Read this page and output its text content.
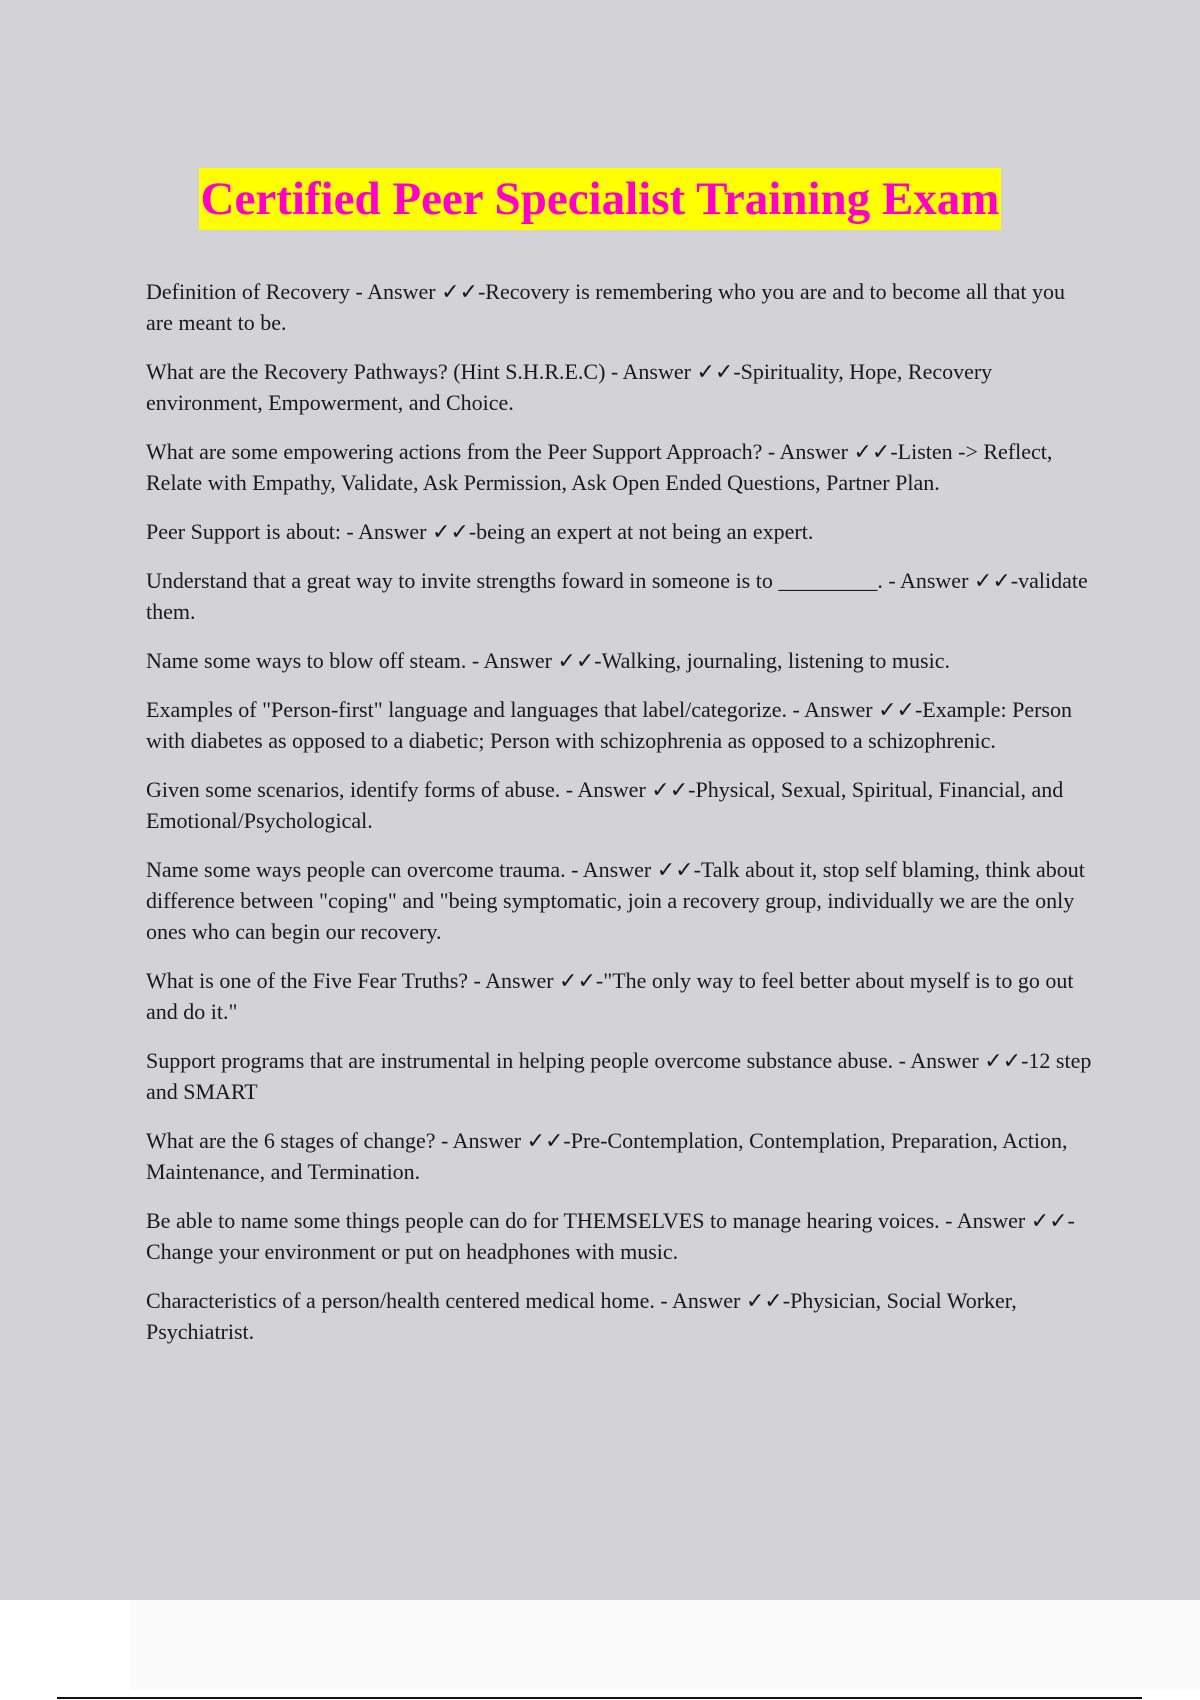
Certified Peer Specialist Training Exam
Definition of Recovery - Answer ✓✓-Recovery is remembering who you are and to become all that you are meant to be.
What are the Recovery Pathways? (Hint S.H.R.E.C) - Answer ✓✓-Spirituality, Hope, Recovery environment, Empowerment, and Choice.
What are some empowering actions from the Peer Support Approach? - Answer ✓✓-Listen -> Reflect, Relate with Empathy, Validate, Ask Permission, Ask Open Ended Questions, Partner Plan.
Peer Support is about: - Answer ✓✓-being an expert at not being an expert.
Understand that a great way to invite strengths foward in someone is to _________. - Answer ✓✓-validate them.
Name some ways to blow off steam. - Answer ✓✓-Walking, journaling, listening to music.
Examples of "Person-first" language and languages that label/categorize. - Answer ✓✓-Example: Person with diabetes as opposed to a diabetic; Person with schizophrenia as opposed to a schizophrenic.
Given some scenarios, identify forms of abuse. - Answer ✓✓-Physical, Sexual, Spiritual, Financial, and Emotional/Psychological.
Name some ways people can overcome trauma. - Answer ✓✓-Talk about it, stop self blaming, think about difference between "coping" and "being symptomatic, join a recovery group, individually we are the only ones who can begin our recovery.
What is one of the Five Fear Truths? - Answer ✓✓-"The only way to feel better about myself is to go out and do it."
Support programs that are instrumental in helping people overcome substance abuse. - Answer ✓✓-12 step and SMART
What are the 6 stages of change? - Answer ✓✓-Pre-Contemplation, Contemplation, Preparation, Action, Maintenance, and Termination.
Be able to name some things people can do for THEMSELVES to manage hearing voices. - Answer ✓✓-Change your environment or put on headphones with music.
Characteristics of a person/health centered medical home. - Answer ✓✓-Physician, Social Worker, Psychiatrist.
